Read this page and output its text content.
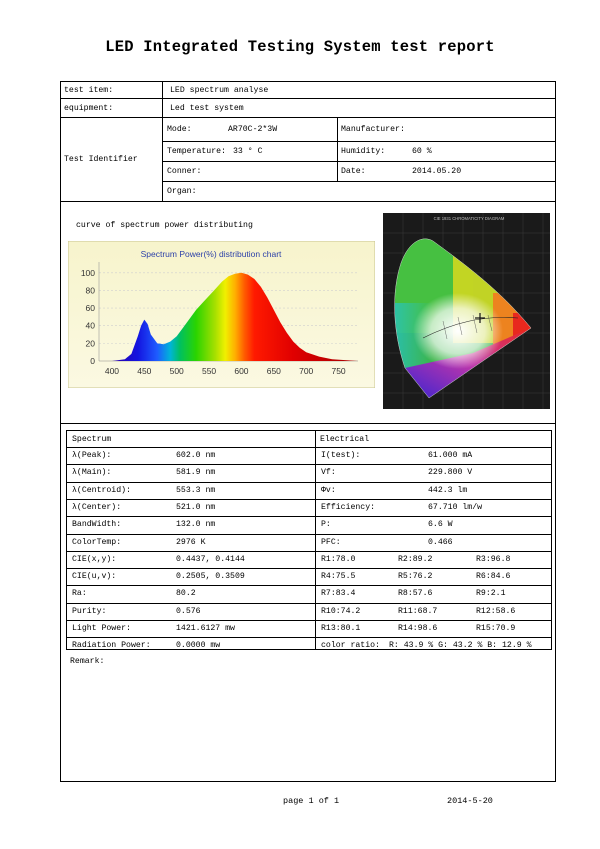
LED Integrated Testing System test report
test item:	LED spectrum analyse
equipment:	Led test system
Test Identifier
Mode:	AR70C-2*3W	Manufacturer:
Temperature: 33 ° C	Humidity:	60 %
Conner:	Date:	2014.05.20
Organ:
curve of spectrum power distributing
Spectrum Power(%) distribution chart
400 450 500 550 600 650 700 750
0
20
40
60
80
100
CIE 1931 CHROMATICITY DIAGRAM
Spectrum	Electrical
λ(Peak):	602.0 nm	I(test):	61.000 mA
λ(Main):	581.9 nm	Vf:	229.800 V
λ(Centroid):	553.3 nm	Φv:	442.3 lm
λ(Center):	521.0 nm	Efficiency:	67.710 lm/w
BandWidth:	132.0 nm	P:	6.6 W
ColorTemp:	2976 K	PFC:	0.466
CIE(x,y):	0.4437, 0.4144	R1:78.0	R2:89.2	R3:96.8
CIE(u,v):	0.2505, 0.3509	R4:75.5	R5:76.2	R6:84.6
Ra:	80.2	R7:83.4	R8:57.6	R9:2.1
Purity:	0.576	R10:74.2	R11:68.7	R12:58.6
Light Power:	1421.6127 mw	R13:80.1	R14:98.6	R15:70.9
Radiation Power:	0.0000 mw	color ratio: R: 43.9 % G: 43.2 % B: 12.9 %
Remark:
page 1 of 1	2014-5-20
